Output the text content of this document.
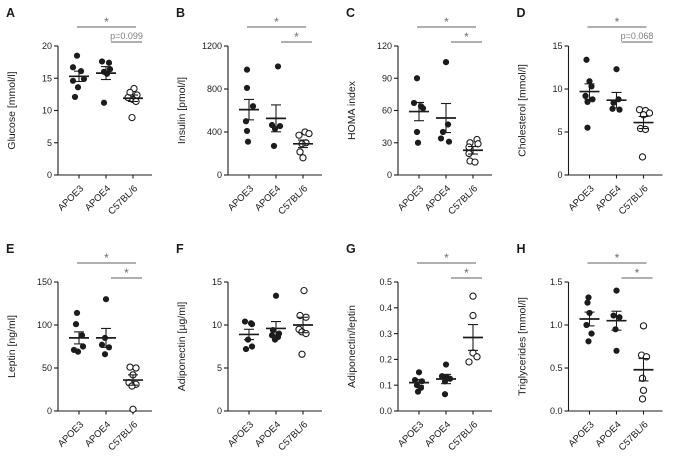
A
0
5
10
15
20
Glucose [mmol/l]
APOE3
APOE4
C57BL/6
*
p=0.099
B
0
400
800
1200
Insulin [pmol/l]
APOE3
APOE4
C57BL/6
*
*
C
0
30
60
90
120
HOMA index
APOE3
APOE4
C57BL/6
*
*
D
0
5
10
15
Cholesterol [mmol/l]
APOE3
APOE4
C57BL/6
*
p=0.068
E
0
50
100
150
Leptin [ng/ml]
APOE3
APOE4
C57BL/6
*
*
F
0
5
10
15
Adiponectin [µg/ml]
APOE3
APOE4
C57BL/6
G
0.0
0.1
0.2
0.3
0.4
0.5
Adiponectin/leptin
APOE3
APOE4
C57BL/6
*
*
H
0.0
0.5
1.0
1.5
Triglycerides [mmol/l]
APOE3
APOE4
C57BL/6
*
*
